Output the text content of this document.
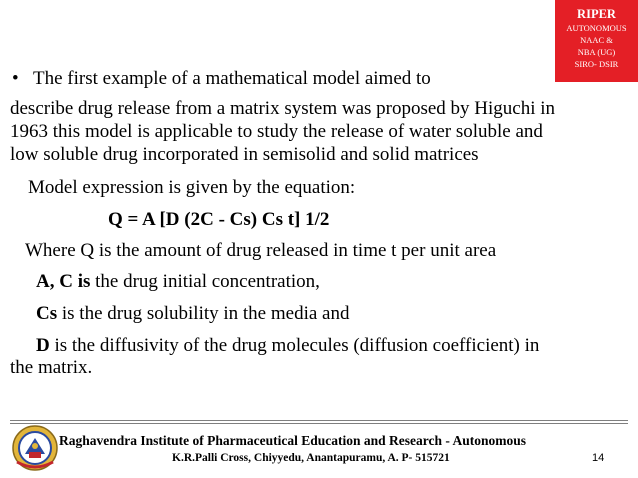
RIPER
AUTONOMOUS
NAAC &
NBA (UG)
SIRO- DSIR
• The first example of a mathematical model aimed to
describe drug release from a matrix system was proposed by Higuchi in
1963 this model is applicable to study the release of water soluble and
low soluble drug incorporated in semisolid and solid matrices
Model expression is given by the equation:
Q = A [D (2C - Cs) Cs t] 1/2
Where Q is the amount of drug released in time t per unit area
A, C is the drug initial concentration,
Cs is the drug solubility in the media and
D is the diffusivity of the drug molecules (diffusion coefficient) in
the matrix.
Raghavendra Institute of Pharmaceutical Education and Research - Autonomous
K.R.Palli Cross, Chiyyedu, Anantapuramu, A. P- 515721	14
